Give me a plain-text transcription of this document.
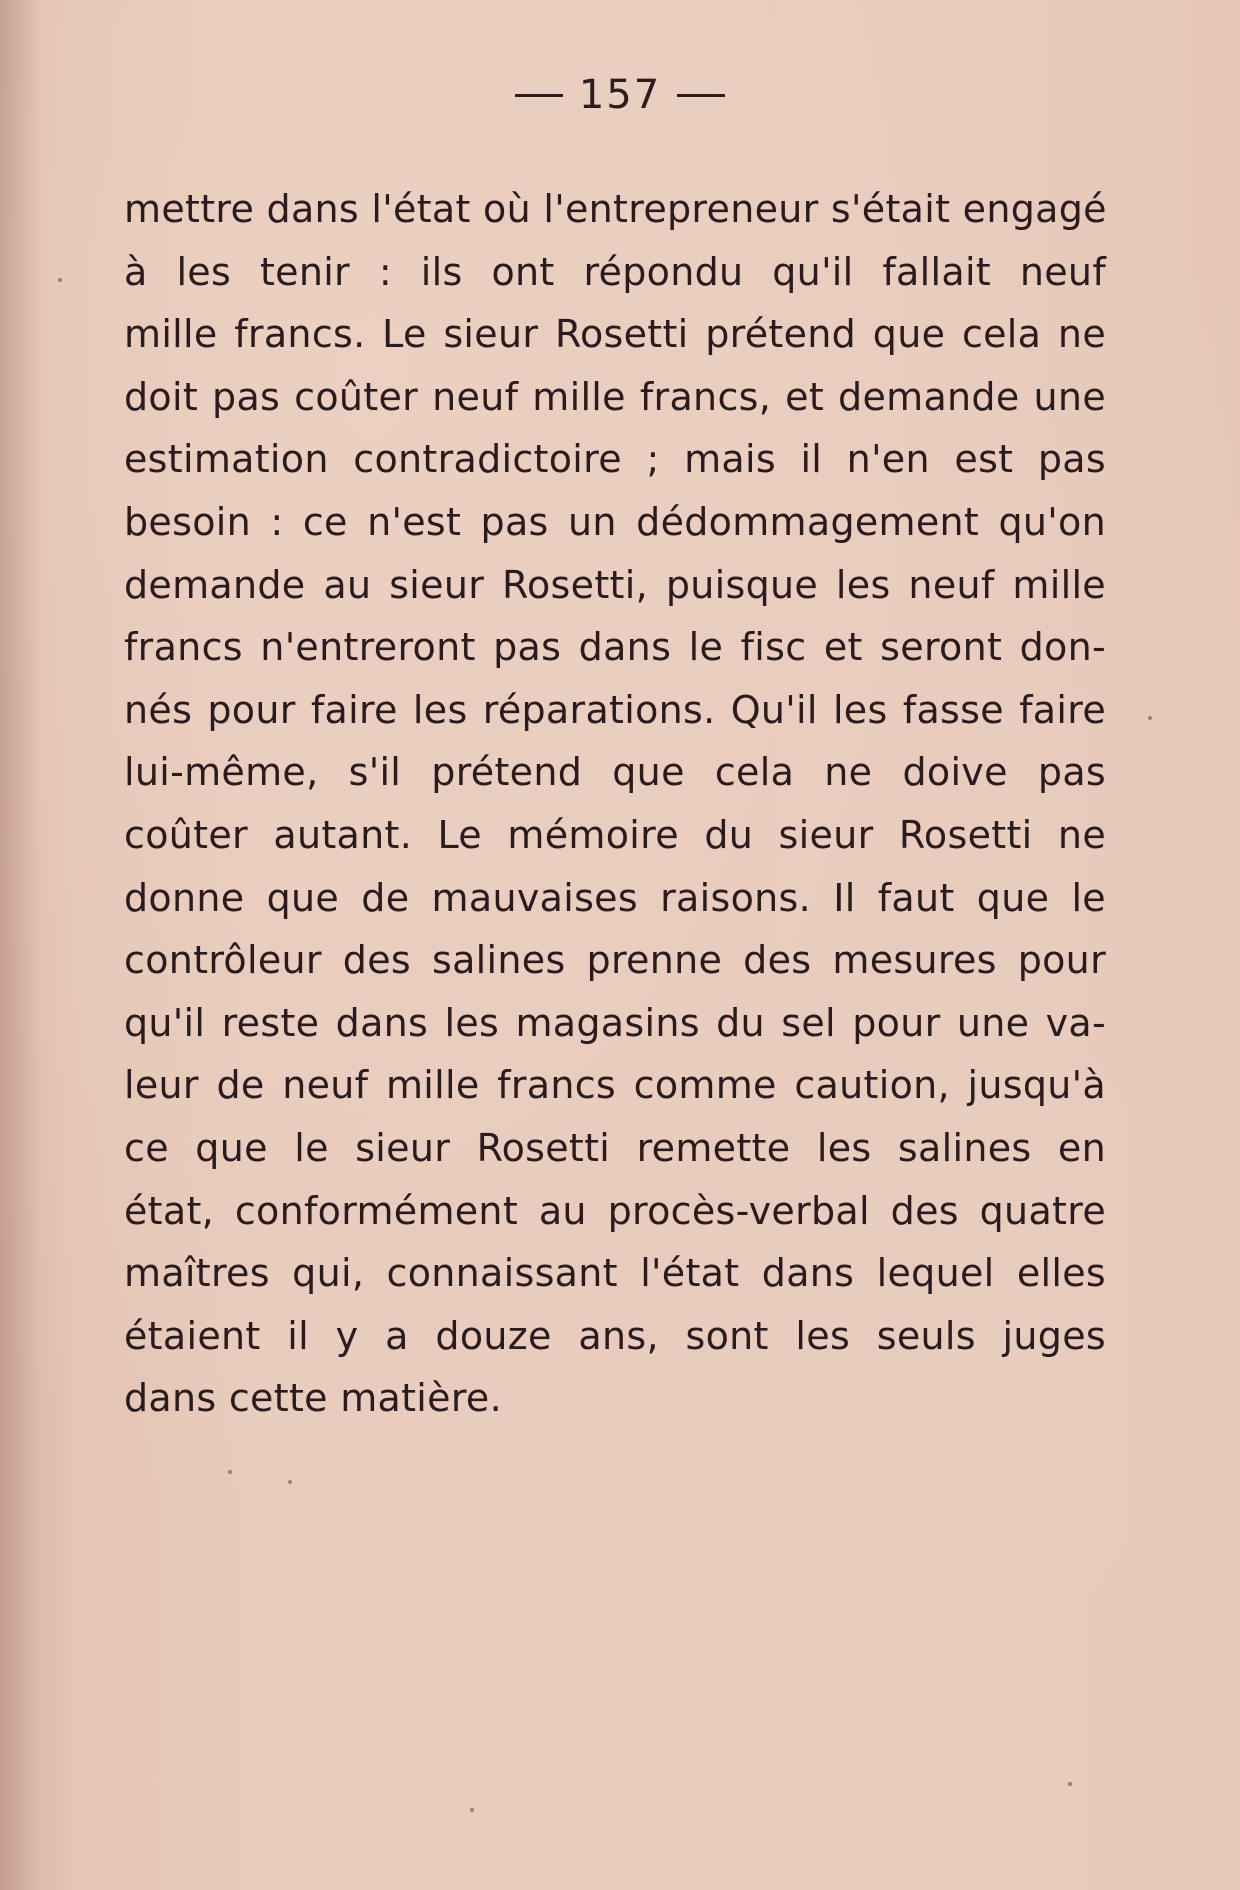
157
mettre dans l'état où l'entrepreneur s'était engagé
à les tenir : ils ont répondu qu'il fallait neuf
mille francs. Le sieur Rosetti prétend que cela ne
doit pas coûter neuf mille francs, et demande une
estimation contradictoire ; mais il n'en est pas
besoin : ce n'est pas un dédommagement qu'on
demande au sieur Rosetti, puisque les neuf mille
francs n'entreront pas dans le fisc et seront don-
nés pour faire les réparations. Qu'il les fasse faire
lui-même, s'il prétend que cela ne doive pas
coûter autant. Le mémoire du sieur Rosetti ne
donne que de mauvaises raisons. Il faut que le
contrôleur des salines prenne des mesures pour
qu'il reste dans les magasins du sel pour une va-
leur de neuf mille francs comme caution, jusqu'à
ce que le sieur Rosetti remette les salines en
état, conformément au procès-verbal des quatre
maîtres qui, connaissant l'état dans lequel elles
étaient il y a douze ans, sont les seuls juges
dans cette matière.
